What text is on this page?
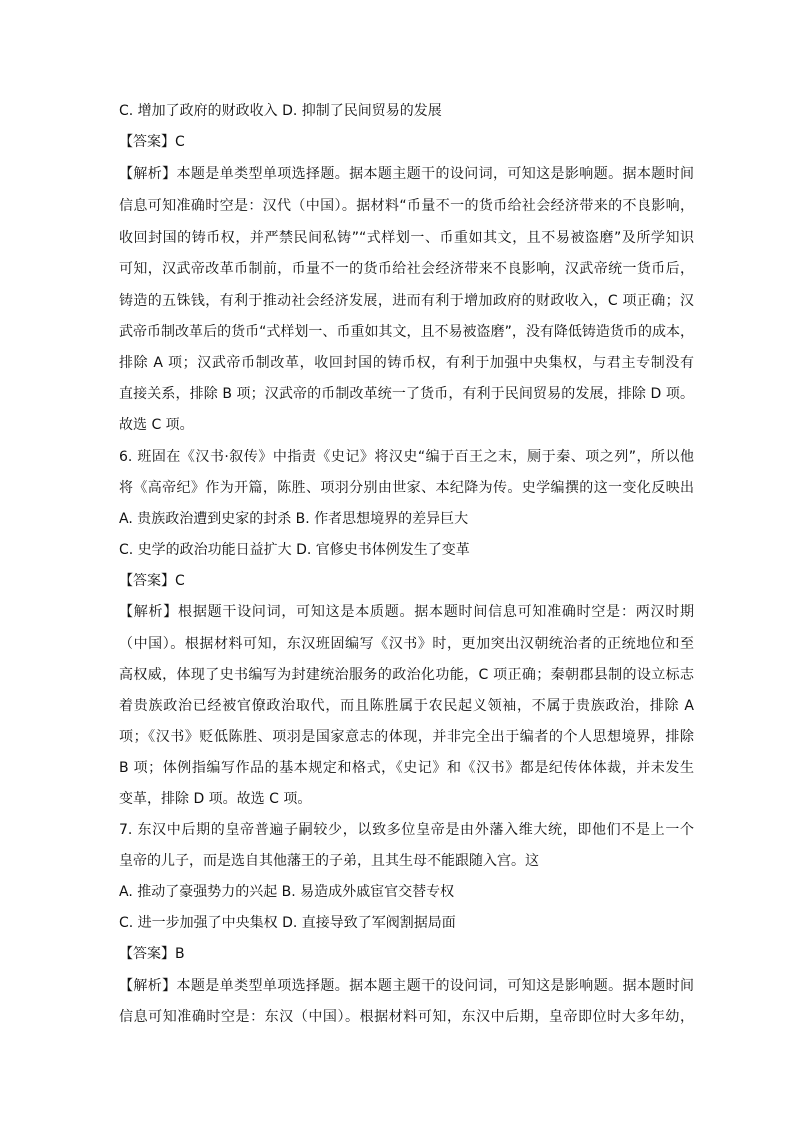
C. 增加了政府的财政收入 D. 抑制了民间贸易的发展
【答案】C
【解析】本题是单类型单项选择题。据本题主题干的设问词，可知这是影响题。据本题时间
信息可知准确时空是：汉代（中国）。据材料“币量不一的货币给社会经济带来的不良影响，
收回封国的铸币权，并严禁民间私铸”“式样划一、币重如其文，且不易被盗磨”及所学知识
可知，汉武帝改革币制前，币量不一的货币给社会经济带来不良影响，汉武帝统一货币后，
铸造的五铢钱，有利于推动社会经济发展，进而有利于增加政府的财政收入，C 项正确；汉
武帝币制改革后的货币“式样划一、币重如其文，且不易被盗磨”，没有降低铸造货币的成本，
排除 A 项；汉武帝币制改革，收回封国的铸币权，有利于加强中央集权，与君主专制没有
直接关系，排除 B 项；汉武帝的币制改革统一了货币，有利于民间贸易的发展，排除 D 项。
故选 C 项。
6. 班固在《汉书·叙传》中指责《史记》将汉史“编于百王之末，厕于秦、项之列”，所以他
将《高帝纪》作为开篇，陈胜、项羽分别由世家、本纪降为传。史学编撰的这一变化反映出
A. 贵族政治遭到史家的封杀 B. 作者思想境界的差异巨大
C. 史学的政治功能日益扩大 D. 官修史书体例发生了变革
【答案】C
【解析】根据题干设问词，可知这是本质题。据本题时间信息可知准确时空是：两汉时期
（中国）。根据材料可知，东汉班固编写《汉书》时，更加突出汉朝统治者的正统地位和至
高权威，体现了史书编写为封建统治服务的政治化功能，C 项正确；秦朝郡县制的设立标志
着贵族政治已经被官僚政治取代，而且陈胜属于农民起义领袖，不属于贵族政治，排除 A
项；《汉书》贬低陈胜、项羽是国家意志的体现，并非完全出于编者的个人思想境界，排除
B 项；体例指编写作品的基本规定和格式，《史记》和《汉书》都是纪传体体裁，并未发生
变革，排除 D 项。故选 C 项。
7. 东汉中后期的皇帝普遍子嗣较少，以致多位皇帝是由外藩入维大统，即他们不是上一个
皇帝的儿子，而是选自其他藩王的子弟，且其生母不能跟随入宫。这
A. 推动了豪强势力的兴起 B. 易造成外戚宦官交替专权
C. 进一步加强了中央集权 D. 直接导致了军阀割据局面
【答案】B
【解析】本题是单类型单项选择题。据本题主题干的设问词，可知这是影响题。据本题时间
信息可知准确时空是：东汉（中国）。根据材料可知，东汉中后期，皇帝即位时大多年幼，
